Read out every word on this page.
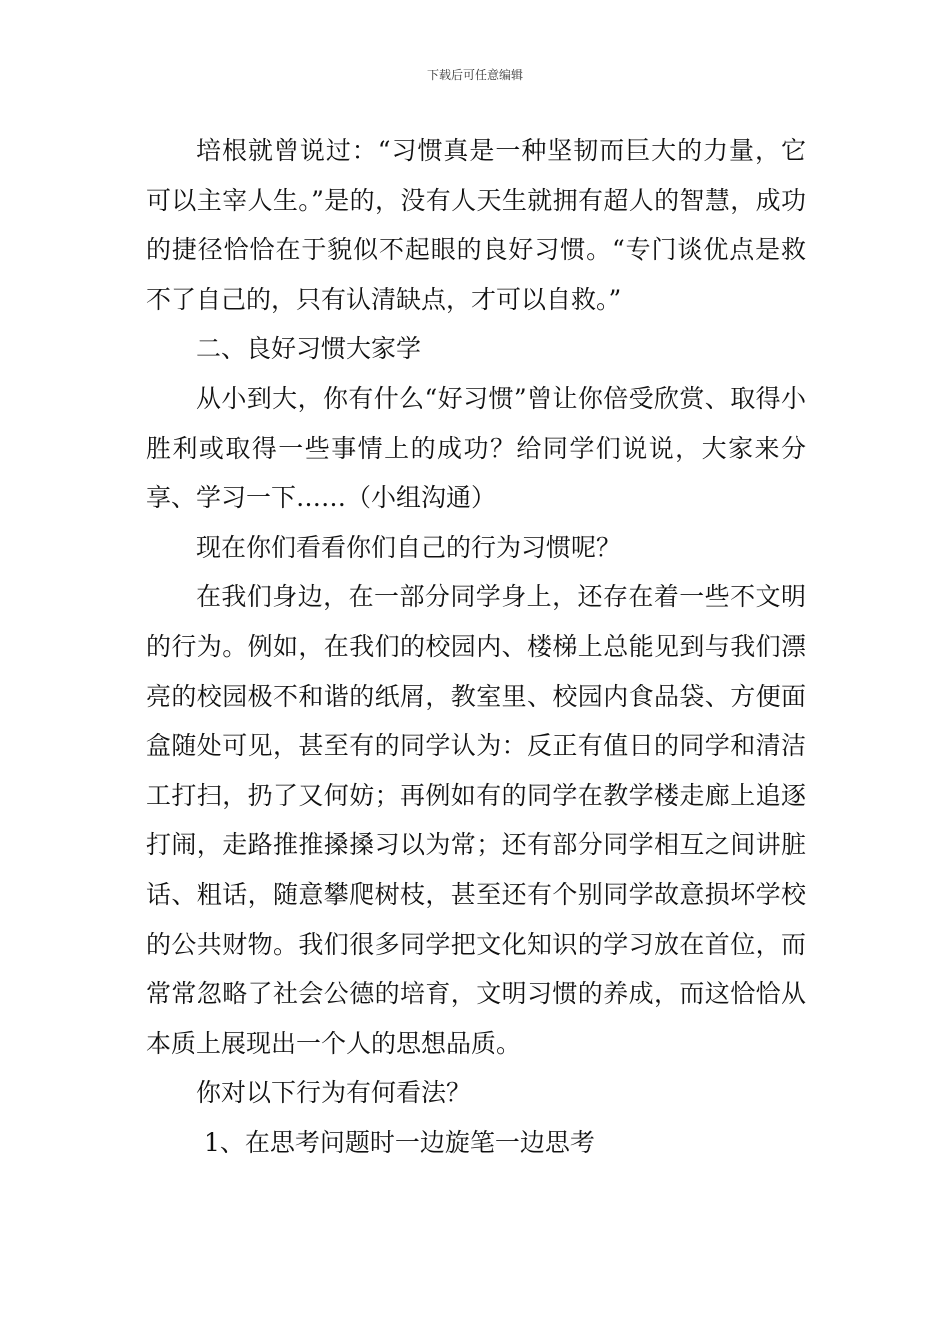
下载后可任意编辑

培根就曾说过：“习惯真是一种坚韧而巨大的力量，它可以主宰人生。”是的，没有人天生就拥有超人的智慧，成功的捷径恰恰在于貌似不起眼的良好习惯。“专门谈优点是救不了自己的，只有认清缺点，才可以自救。”

二、良好习惯大家学

从小到大，你有什么“好习惯”曾让你倍受欣赏、取得小胜利或取得一些事情上的成功？给同学们说说，大家来分享、学习一下……（小组沟通）

现在你们看看你们自己的行为习惯呢？

在我们身边，在一部分同学身上，还存在着一些不文明的行为。例如，在我们的校园内、楼梯上总能见到与我们漂亮的校园极不和谐的纸屑，教室里、校园内食品袋、方便面盒随处可见，甚至有的同学认为：反正有值日的同学和清洁工打扫，扔了又何妨；再例如有的同学在教学楼走廊上追逐打闹，走路推推搡搡习以为常；还有部分同学相互之间讲脏话、粗话，随意攀爬树枝，甚至还有个别同学故意损坏学校的公共财物。我们很多同学把文化知识的学习放在首位，而常常忽略了社会公德的培育，文明习惯的养成，而这恰恰从本质上展现出一个人的思想品质。

你对以下行为有何看法？

1、在思考问题时一边旋笔一边思考
